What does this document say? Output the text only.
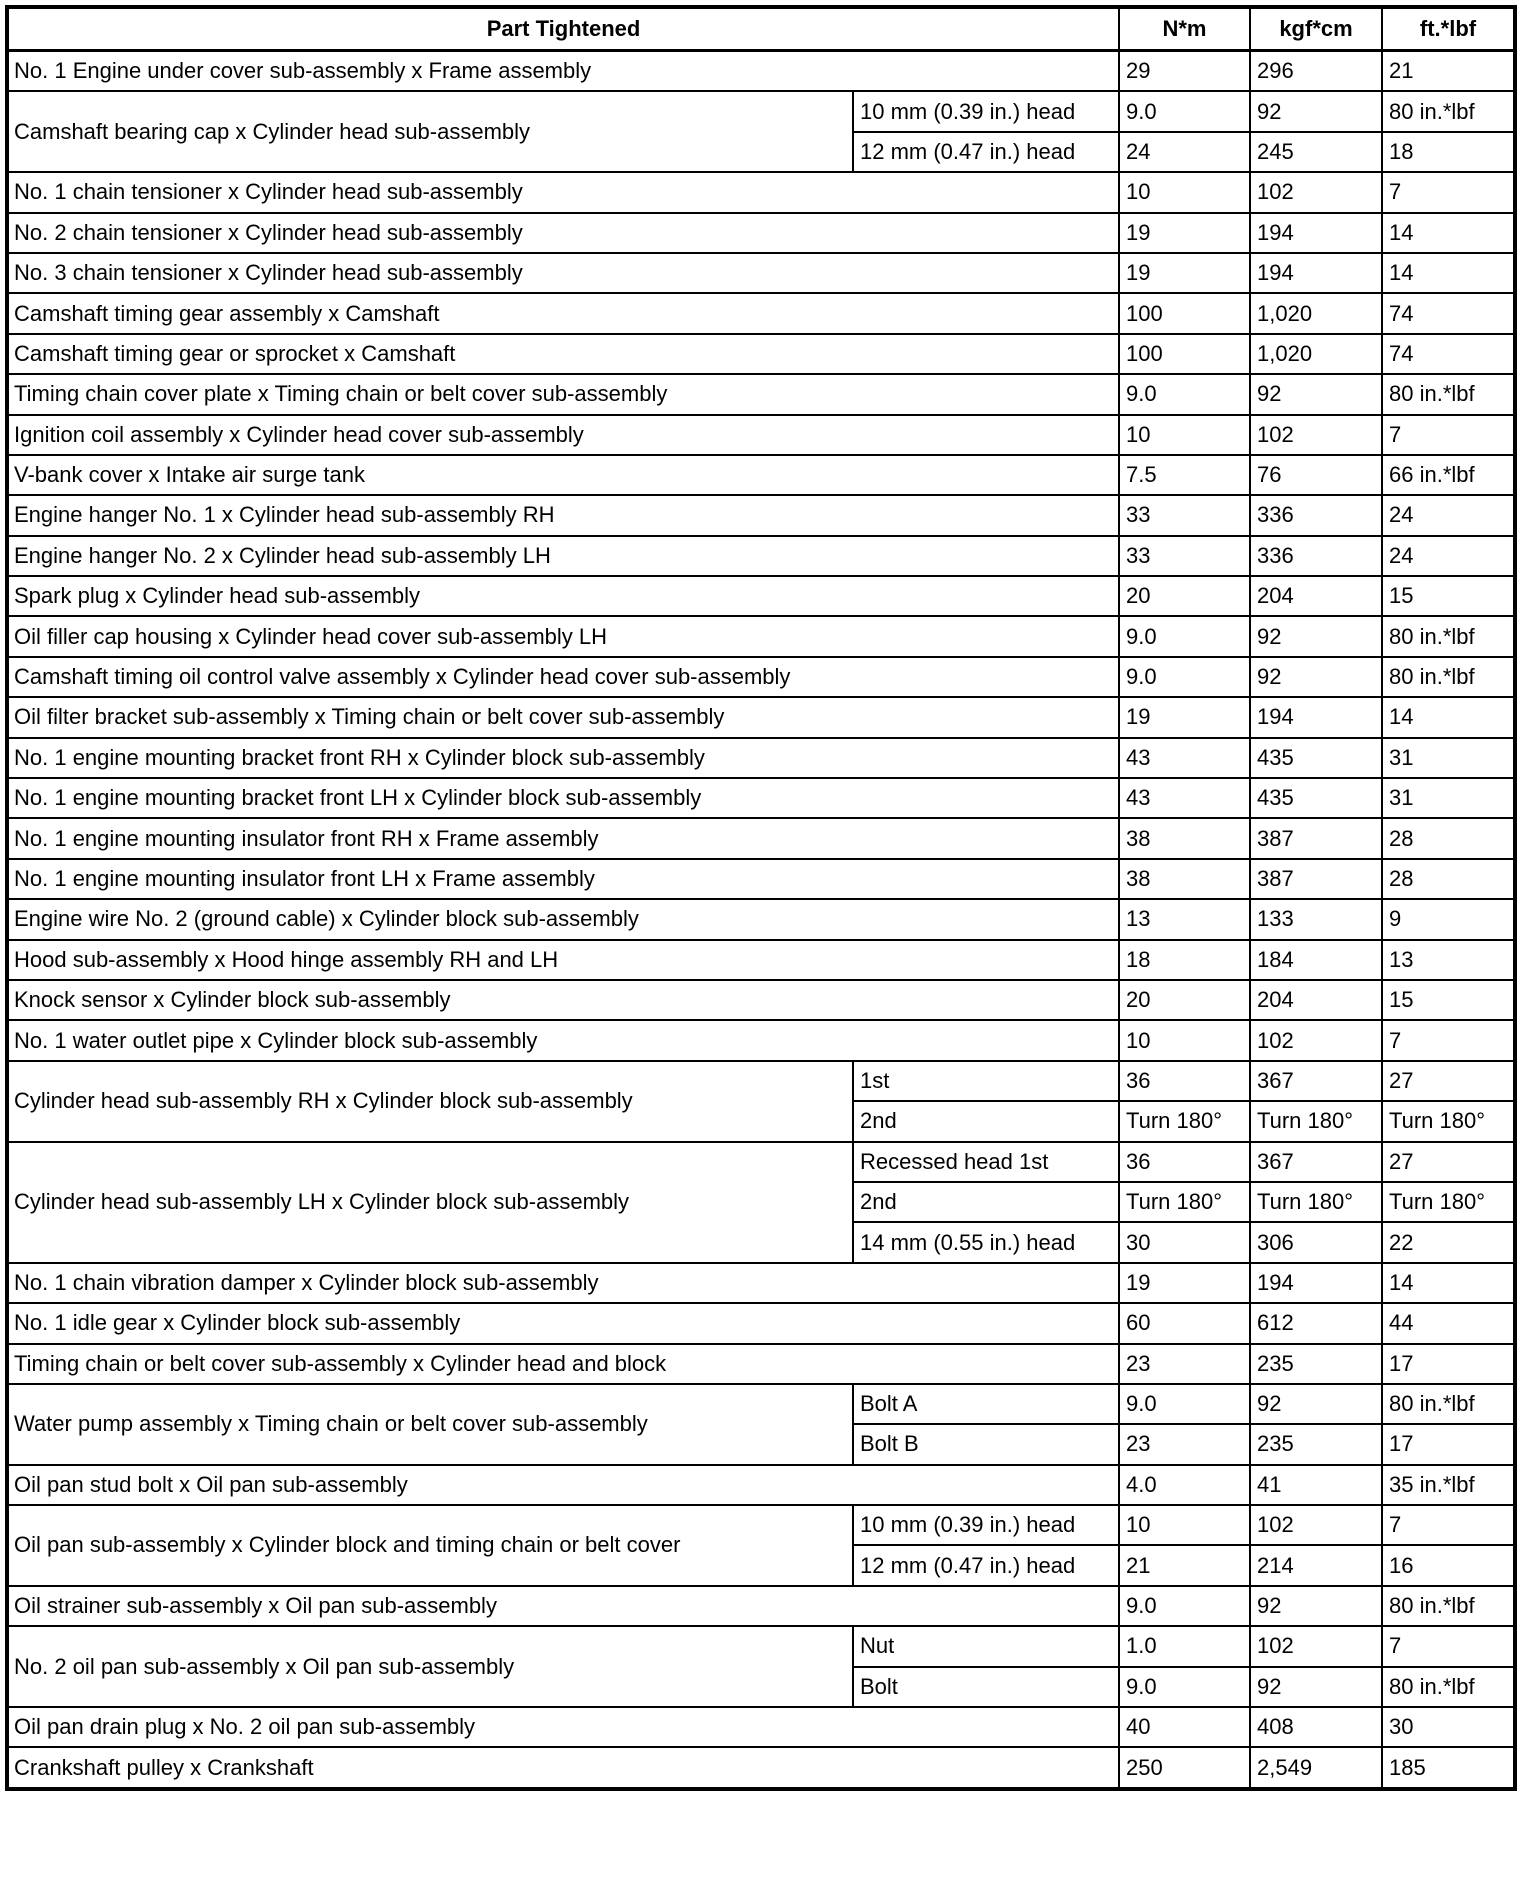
Part Tightened		N*m	kgf*cm	ft.*lbf
No. 1 Engine under cover sub-assembly x Frame assembly		29	296	21
Camshaft bearing cap x Cylinder head sub-assembly	10 mm (0.39 in.) head	9.0	92	80 in.*lbf
	12 mm (0.47 in.) head	24	245	18
No. 1 chain tensioner x Cylinder head sub-assembly		10	102	7
No. 2 chain tensioner x Cylinder head sub-assembly		19	194	14
No. 3 chain tensioner x Cylinder head sub-assembly		19	194	14
Camshaft timing gear assembly x Camshaft		100	1,020	74
Camshaft timing gear or sprocket x Camshaft		100	1,020	74
Timing chain cover plate x Timing chain or belt cover sub-assembly		9.0	92	80 in.*lbf
Ignition coil assembly x Cylinder head cover sub-assembly		10	102	7
V-bank cover x Intake air surge tank		7.5	76	66 in.*lbf
Engine hanger No. 1 x Cylinder head sub-assembly RH		33	336	24
Engine hanger No. 2 x Cylinder head sub-assembly LH		33	336	24
Spark plug x Cylinder head sub-assembly		20	204	15
Oil filler cap housing x Cylinder head cover sub-assembly LH		9.0	92	80 in.*lbf
Camshaft timing oil control valve assembly x Cylinder head cover sub-assembly		9.0	92	80 in.*lbf
Oil filter bracket sub-assembly x Timing chain or belt cover sub-assembly		19	194	14
No. 1 engine mounting bracket front RH x Cylinder block sub-assembly		43	435	31
No. 1 engine mounting bracket front LH x Cylinder block sub-assembly		43	435	31
No. 1 engine mounting insulator front RH x Frame assembly		38	387	28
No. 1 engine mounting insulator front LH x Frame assembly		38	387	28
Engine wire No. 2 (ground cable) x Cylinder block sub-assembly		13	133	9
Hood sub-assembly x Hood hinge assembly RH and LH		18	184	13
Knock sensor x Cylinder block sub-assembly		20	204	15
No. 1 water outlet pipe x Cylinder block sub-assembly		10	102	7
Cylinder head sub-assembly RH x Cylinder block sub-assembly	1st	36	367	27
	2nd	Turn 180°	Turn 180°	Turn 180°
Cylinder head sub-assembly LH x Cylinder block sub-assembly	Recessed head 1st	36	367	27
	2nd	Turn 180°	Turn 180°	Turn 180°
	14 mm (0.55 in.) head	30	306	22
No. 1 chain vibration damper x Cylinder block sub-assembly		19	194	14
No. 1 idle gear x Cylinder block sub-assembly		60	612	44
Timing chain or belt cover sub-assembly x Cylinder head and block		23	235	17
Water pump assembly x Timing chain or belt cover sub-assembly	Bolt A	9.0	92	80 in.*lbf
	Bolt B	23	235	17
Oil pan stud bolt x Oil pan sub-assembly		4.0	41	35 in.*lbf
Oil pan sub-assembly x Cylinder block and timing chain or belt cover	10 mm (0.39 in.) head	10	102	7
	12 mm (0.47 in.) head	21	214	16
Oil strainer sub-assembly x Oil pan sub-assembly		9.0	92	80 in.*lbf
No. 2 oil pan sub-assembly x Oil pan sub-assembly	Nut	1.0	102	7
	Bolt	9.0	92	80 in.*lbf
Oil pan drain plug x No. 2 oil pan sub-assembly		40	408	30
Crankshaft pulley x Crankshaft		250	2,549	185
